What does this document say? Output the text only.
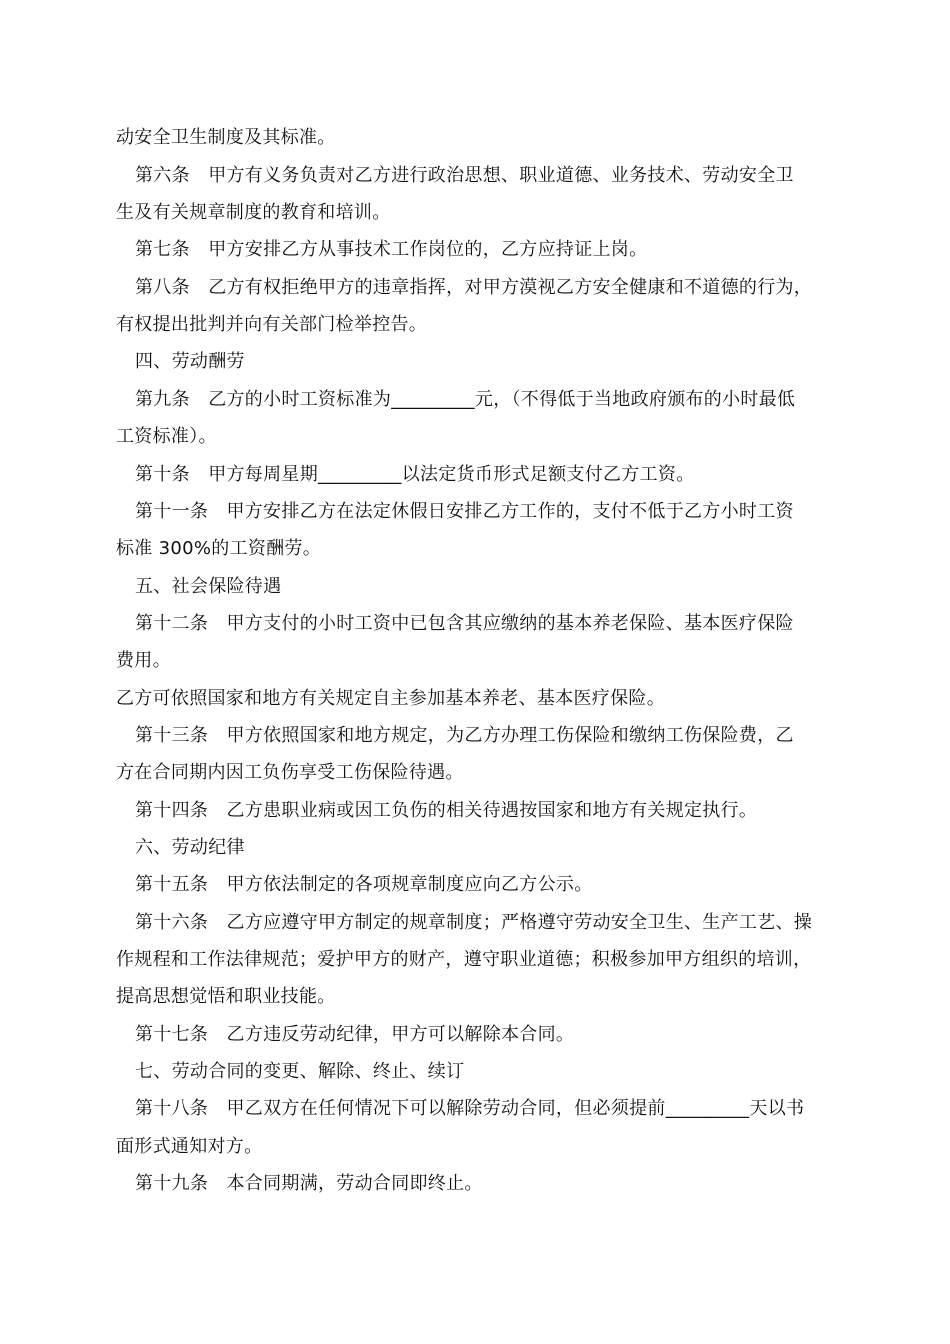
动安全卫生制度及其标准。
第六条　甲方有义务负责对乙方进行政治思想、职业道德、业务技术、劳动安全卫
生及有关规章制度的教育和培训。
第七条　甲方安排乙方从事技术工作岗位的，乙方应持证上岗。
第八条　乙方有权拒绝甲方的违章指挥，对甲方漠视乙方安全健康和不道德的行为，
有权提出批判并向有关部门检举控告。
四、劳动酬劳
第九条　乙方的小时工资标准为_________元，（不得低于当地政府颁布的小时最低
工资标准）。
第十条　甲方每周星期_________以法定货币形式足额支付乙方工资。
第十一条　甲方安排乙方在法定休假日安排乙方工作的，支付不低于乙方小时工资
标准 300%的工资酬劳。
五、社会保险待遇
第十二条　甲方支付的小时工资中已包含其应缴纳的基本养老保险、基本医疗保险
费用。
乙方可依照国家和地方有关规定自主参加基本养老、基本医疗保险。
第十三条　甲方依照国家和地方规定，为乙方办理工伤保险和缴纳工伤保险费，乙
方在合同期内因工负伤享受工伤保险待遇。
第十四条　乙方患职业病或因工负伤的相关待遇按国家和地方有关规定执行。
六、劳动纪律
第十五条　甲方依法制定的各项规章制度应向乙方公示。
第十六条　乙方应遵守甲方制定的规章制度；严格遵守劳动安全卫生、生产工艺、操
作规程和工作法律规范；爱护甲方的财产，遵守职业道德；积极参加甲方组织的培训，
提高思想觉悟和职业技能。
第十七条　乙方违反劳动纪律，甲方可以解除本合同。
七、劳动合同的变更、解除、终止、续订
第十八条　甲乙双方在任何情况下可以解除劳动合同，但必须提前_________天以书
面形式通知对方。
第十九条　本合同期满，劳动合同即终止。
